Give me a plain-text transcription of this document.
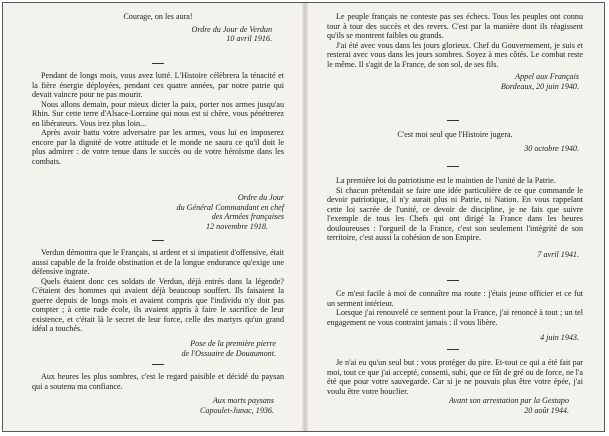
Courage, on les aura!

Ordre du Jour de Verdun
10 avril 1916.

Pendant de longs mois, vous avez lutté. L'Histoire célèbrera la ténacité et la fière énergie déployées, pendant ces quatre années, par notre patrie qui devait vaincre pour ne pas mourir.

Nous allons demain, pour mieux dicter la paix, porter nos armes jusqu'au Rhin. Sur cette terre d'Alsace-Lorraine qui nous est si chère, vous pénétrerez en libérateurs. Vous irez plus loin...

Après avoir battu votre adversaire par les armes, vous lui en imposerez encore par la dignité de votre attitude et le monde ne saura ce qu'il doit le plus admirer : de votre tenue dans le succès ou de votre héroïsme dans les combats.

Ordre du Jour
du Général Commandant en chef
des Armées françaises
12 novembre 1918.

Verdun démontra que le Français, si ardent et si impatient d'offensive, était aussi capable de la froide obstination et de la longue endurance qu'exige une défensive ingrate.

Quels étaient donc ces soldats de Verdun, déjà entrés dans la légende? C'étaient des hommes qui avaient déjà beaucoup souffert. Ils faisaient la guerre depuis de longs mois et avaient compris que l'individu n'y doit pas compter ; à cette rude école, ils avaient appris à faire le sacrifice de leur existence, et c'était là le secret de leur force, celle des martyrs qu'un grand idéal a touchés.

Pose de la première pierre
de l'Ossuaire de Douaumont.

Aux heures les plus sombres, c'est le regard paisible et décidé du paysan qui a soutenu ma confiance.

Aux morts paysans
Capoulet-Junac, 1936.

Le peuple français ne conteste pas ses échecs. Tous les peuples ont connu tour à tour des succès et des revers. C'est par la manière dont ils réagissent qu'ils se montrent faibles ou grands.

J'ai été avec vous dans les jours glorieux. Chef du Gouvernement, je suis et resterai avec vous dans les jours sombres. Soyez à mes côtés. Le combat reste le même. Il s'agit de la France, de son sol, de ses fils.

Appel aux Français
Bordeaux, 20 juin 1940.

C'est moi seul que l'Histoire jugera.

30 octobre 1940.

La première loi du patriotisme est le maintien de l'unité de la Patrie.

Si chacun prétendait se faire une idée particulière de ce que commande le devoir patriotique, il n'y aurait plus ni Patrie, ni Nation. En vous rappelant cette loi sacrée de l'unité, ce devoir de discipline, je ne fais que suivre l'exemple de tous les Chefs qui ont dirigé la France dans les heures douloureuses : l'orgueil de la France, c'est son seulement l'intégrité de son territoire, c'est aussi la cohésion de son Empire.

7 avril 1941.

Ce m'est facile à moi de connaître ma route : j'étais jeune officier et ce fut un serment intérieur.

Lorsque j'ai renouvelé ce serment pour la France, j'ai renoncé à tout ; un tel engagement ne vous contraint jamais : il vous libère.

4 juin 1943.

Je n'ai eu qu'un seul but : vous protéger du pire. Et-tout ce qui a été fait par moi, tout ce que j'ai accepté, consenti, subi, que ce fût de gré ou de force, ne l'a été que pour votre sauvegarde. Car si je ne pouvais plus être votre épée, j'ai voulu être votre bouclier.

Avant son arrestation par la Gestapo
20 août 1944.
